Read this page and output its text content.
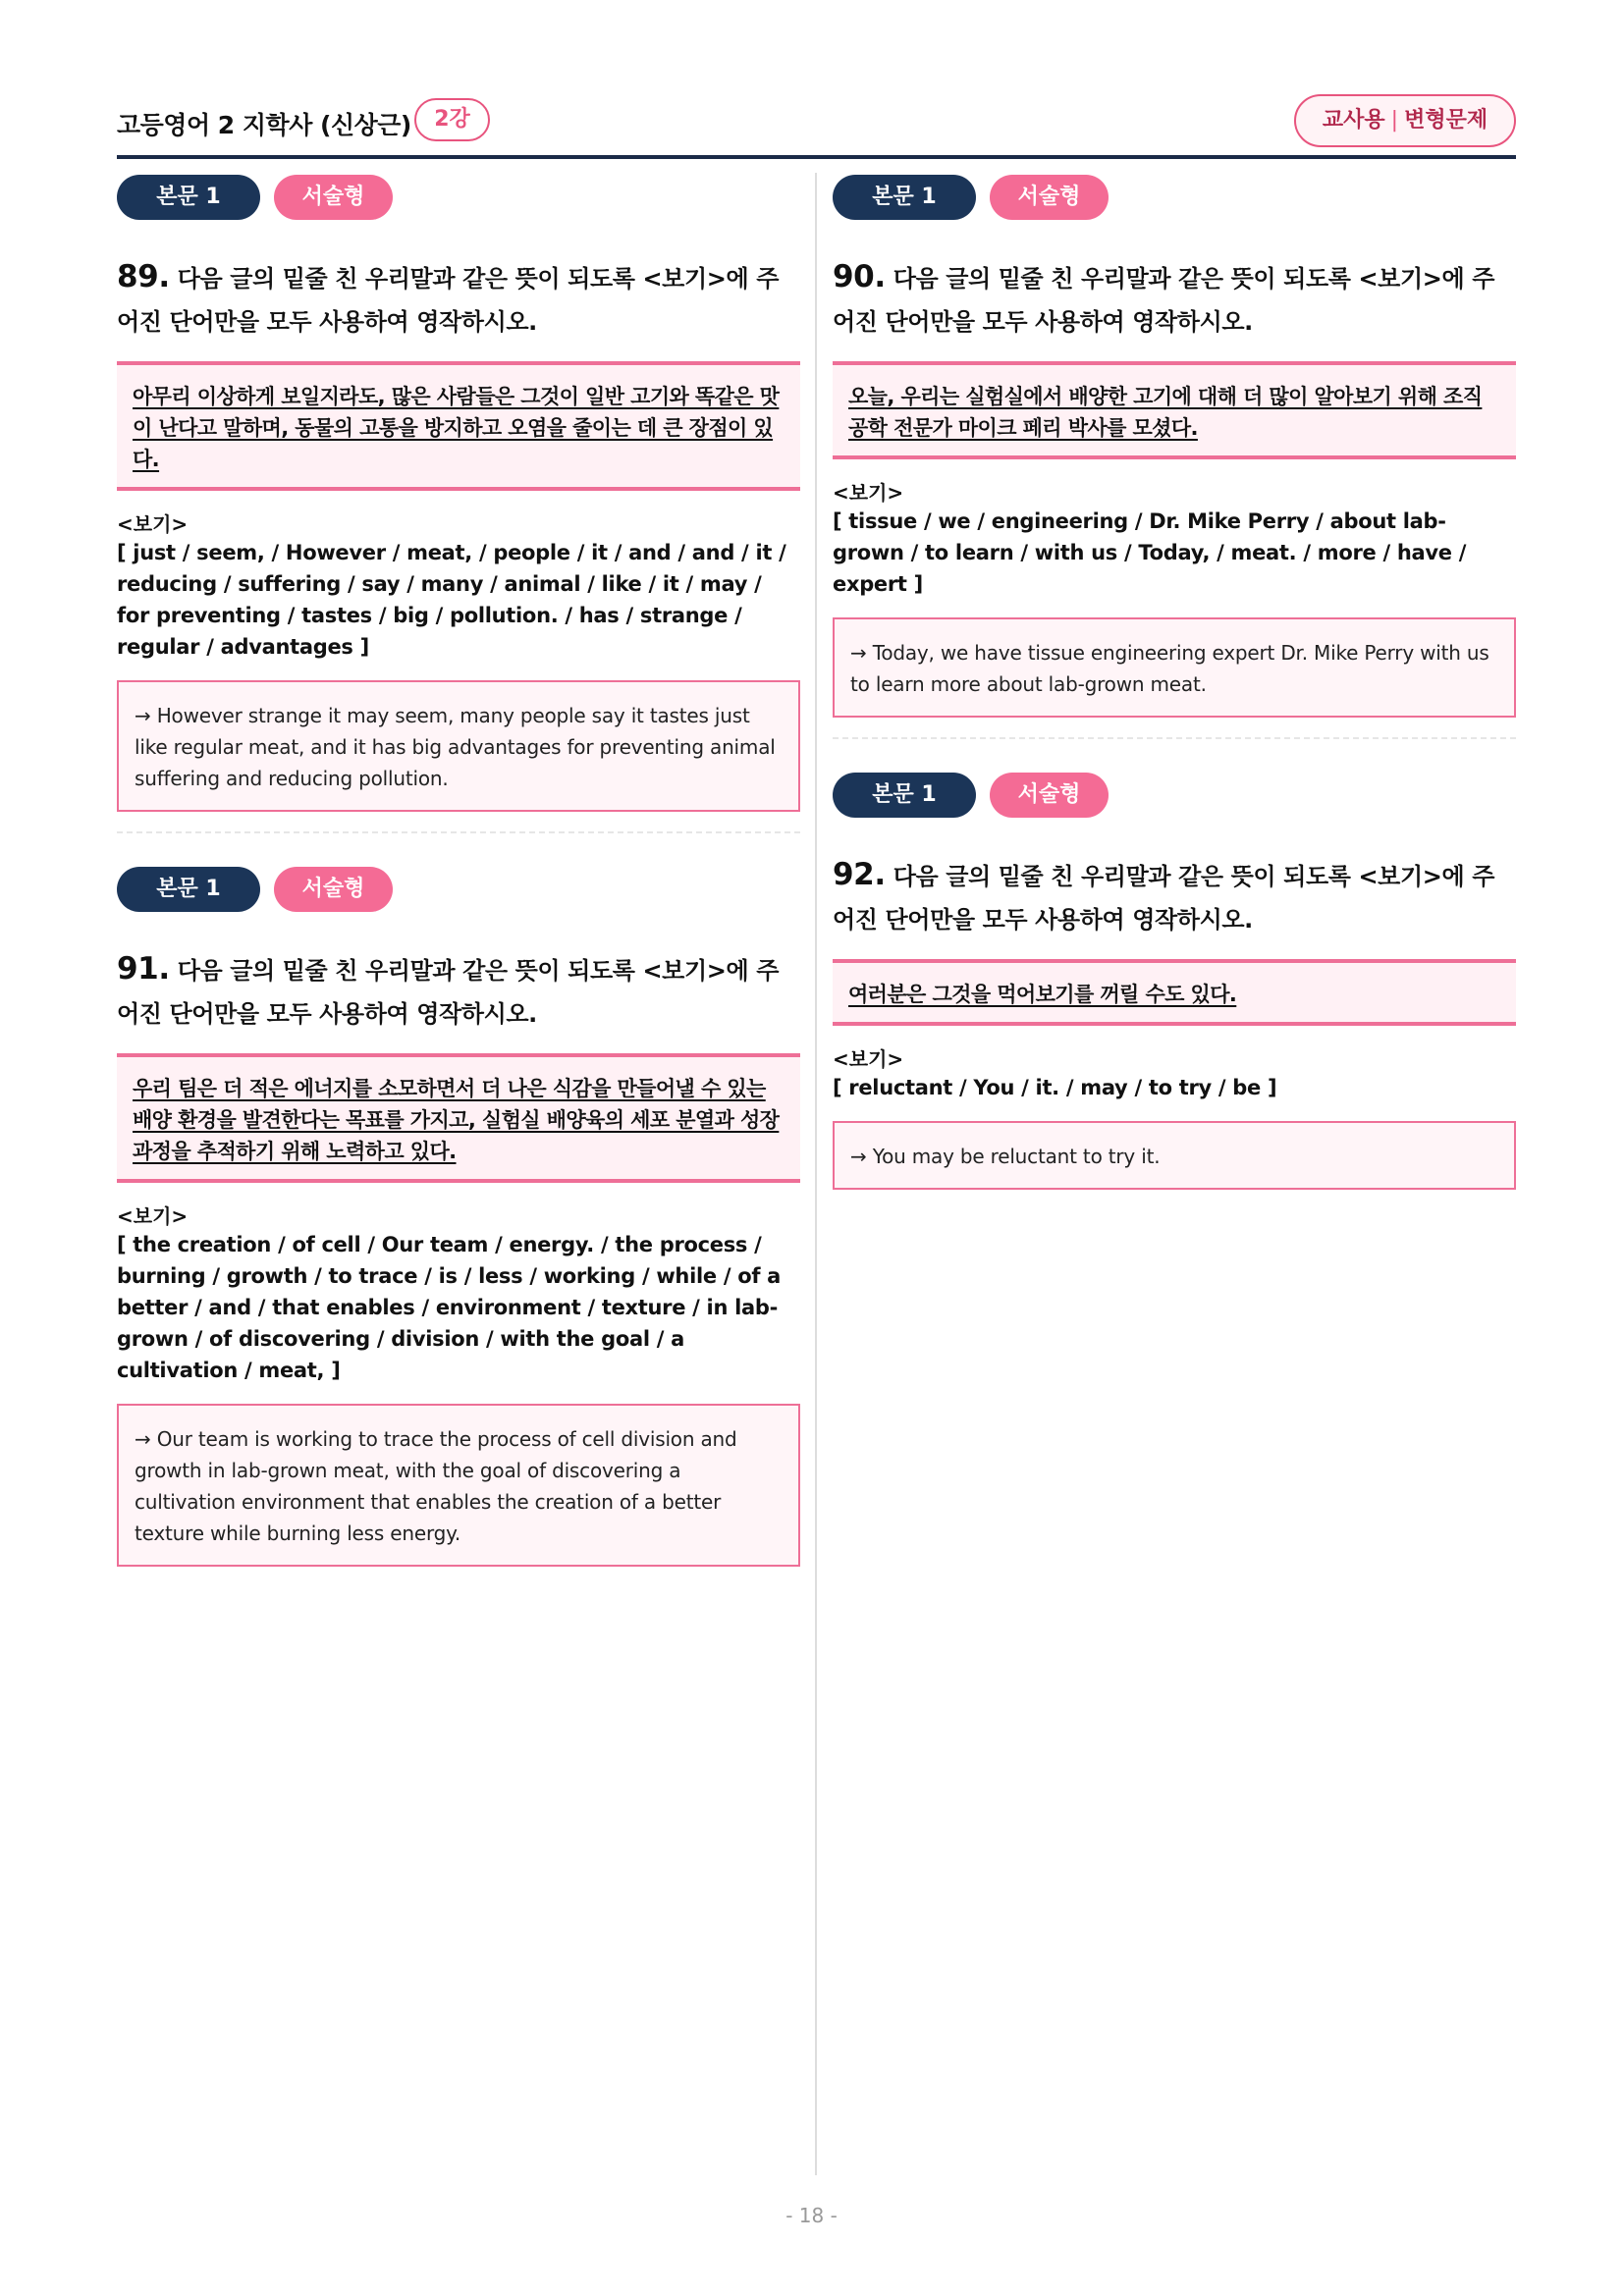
고등영어 2 지학사 (신상근)	2강	교사용 | 변형문제
본문 1	서술형
89. 다음 글의 밑줄 친 우리말과 같은 뜻이 되도록 <보기>에 주어진 단어만을 모두 사용하여 영작하시오.
아무리 이상하게 보일지라도, 많은 사람들은 그것이 일반 고기와 똑같은 맛이 난다고 말하며, 동물의 고통을 방지하고 오염을 줄이는 데 큰 장점이 있다.
<보기>
[ just / seem, / However / meat, / people / it / and / and / it / reducing / suffering / say / many / animal / like / it / may / for preventing / tastes / big / pollution. / has / strange / regular / advantages ]
→ However strange it may seem, many people say it tastes just like regular meat, and it has big advantages for preventing animal suffering and reducing pollution.
본문 1	서술형
91. 다음 글의 밑줄 친 우리말과 같은 뜻이 되도록 <보기>에 주어진 단어만을 모두 사용하여 영작하시오.
우리 팀은 더 적은 에너지를 소모하면서 더 나은 식감을 만들어낼 수 있는 배양 환경을 발견한다는 목표를 가지고, 실험실 배양육의 세포 분열과 성장 과정을 추적하기 위해 노력하고 있다.
<보기>
[ the creation / of cell / Our team / energy. / the process / burning / growth / to trace / is / less / working / while / of a better / and / that enables / environment / texture / in lab-grown / of discovering / division / with the goal / a cultivation / meat, ]
→ Our team is working to trace the process of cell division and growth in lab-grown meat, with the goal of discovering a cultivation environment that enables the creation of a better texture while burning less energy.
본문 1	서술형
90. 다음 글의 밑줄 친 우리말과 같은 뜻이 되도록 <보기>에 주어진 단어만을 모두 사용하여 영작하시오.
오늘, 우리는 실험실에서 배양한 고기에 대해 더 많이 알아보기 위해 조직 공학 전문가 마이크 페리 박사를 모셨다.
<보기>
[ tissue / we / engineering / Dr. Mike Perry / about lab-grown / to learn / with us / Today, / meat. / more / have / expert ]
→ Today, we have tissue engineering expert Dr. Mike Perry with us to learn more about lab-grown meat.
본문 1	서술형
92. 다음 글의 밑줄 친 우리말과 같은 뜻이 되도록 <보기>에 주어진 단어만을 모두 사용하여 영작하시오.
여러분은 그것을 먹어보기를 꺼릴 수도 있다.
<보기>
[ reluctant / You / it. / may / to try / be ]
→ You may be reluctant to try it.
- 18 -
